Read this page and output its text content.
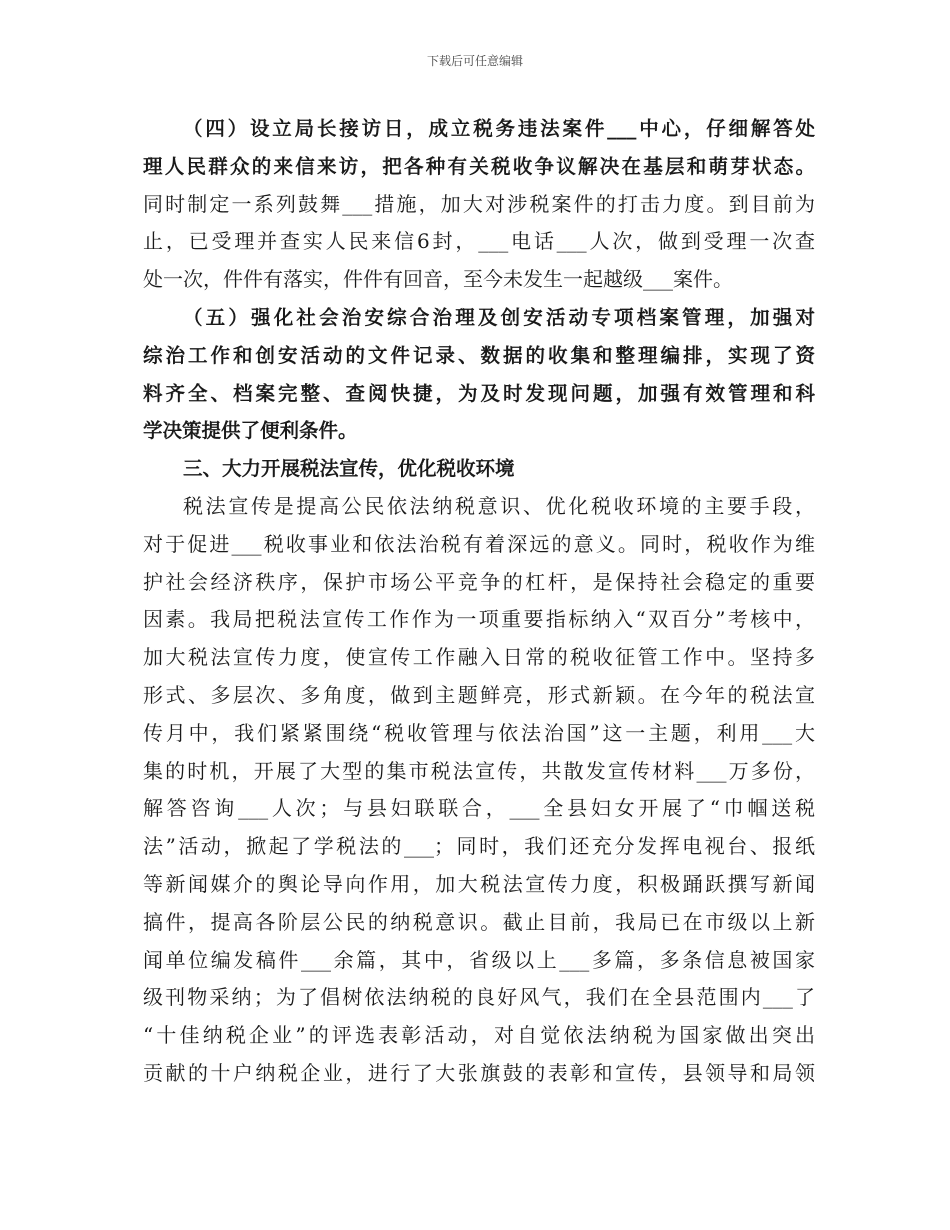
下载后可任意编辑
（四）设立局长接访日，成立税务违法案件___中心，仔细解答处
理人民群众的来信来访，把各种有关税收争议解决在基层和萌芽状态。
同时制定一系列鼓舞___措施，加大对涉税案件的打击力度。到目前为
止，已受理并查实人民来信6封，___电话___人次，做到受理一次查
处一次，件件有落实，件件有回音，至今未发生一起越级___案件。
（五）强化社会治安综合治理及创安活动专项档案管理，加强对
综治工作和创安活动的文件记录、数据的收集和整理编排，实现了资
料齐全、档案完整、查阅快捷，为及时发现问题，加强有效管理和科
学决策提供了便利条件。
三、大力开展税法宣传，优化税收环境
税法宣传是提高公民依法纳税意识、优化税收环境的主要手段，
对于促进___税收事业和依法治税有着深远的意义。同时，税收作为维
护社会经济秩序，保护市场公平竞争的杠杆，是保持社会稳定的重要
因素。我局把税法宣传工作作为一项重要指标纳入“双百分”考核中，
加大税法宣传力度，使宣传工作融入日常的税收征管工作中。坚持多
形式、多层次、多角度，做到主题鲜亮，形式新颖。在今年的税法宣
传月中，我们紧紧围绕“税收管理与依法治国”这一主题，利用___大
集的时机，开展了大型的集市税法宣传，共散发宣传材料___万多份，
解答咨询___人次；与县妇联联合，___全县妇女开展了“巾帼送税
法”活动，掀起了学税法的___；同时，我们还充分发挥电视台、报纸
等新闻媒介的舆论导向作用，加大税法宣传力度，积极踊跃撰写新闻
搞件，提高各阶层公民的纳税意识。截止目前，我局已在市级以上新
闻单位编发稿件___余篇，其中，省级以上___多篇，多条信息被国家
级刊物采纳；为了倡树依法纳税的良好风气，我们在全县范围内___了
“十佳纳税企业”的评选表彰活动，对自觉依法纳税为国家做出突出
贡献的十户纳税企业，进行了大张旗鼓的表彰和宣传，县领导和局领
